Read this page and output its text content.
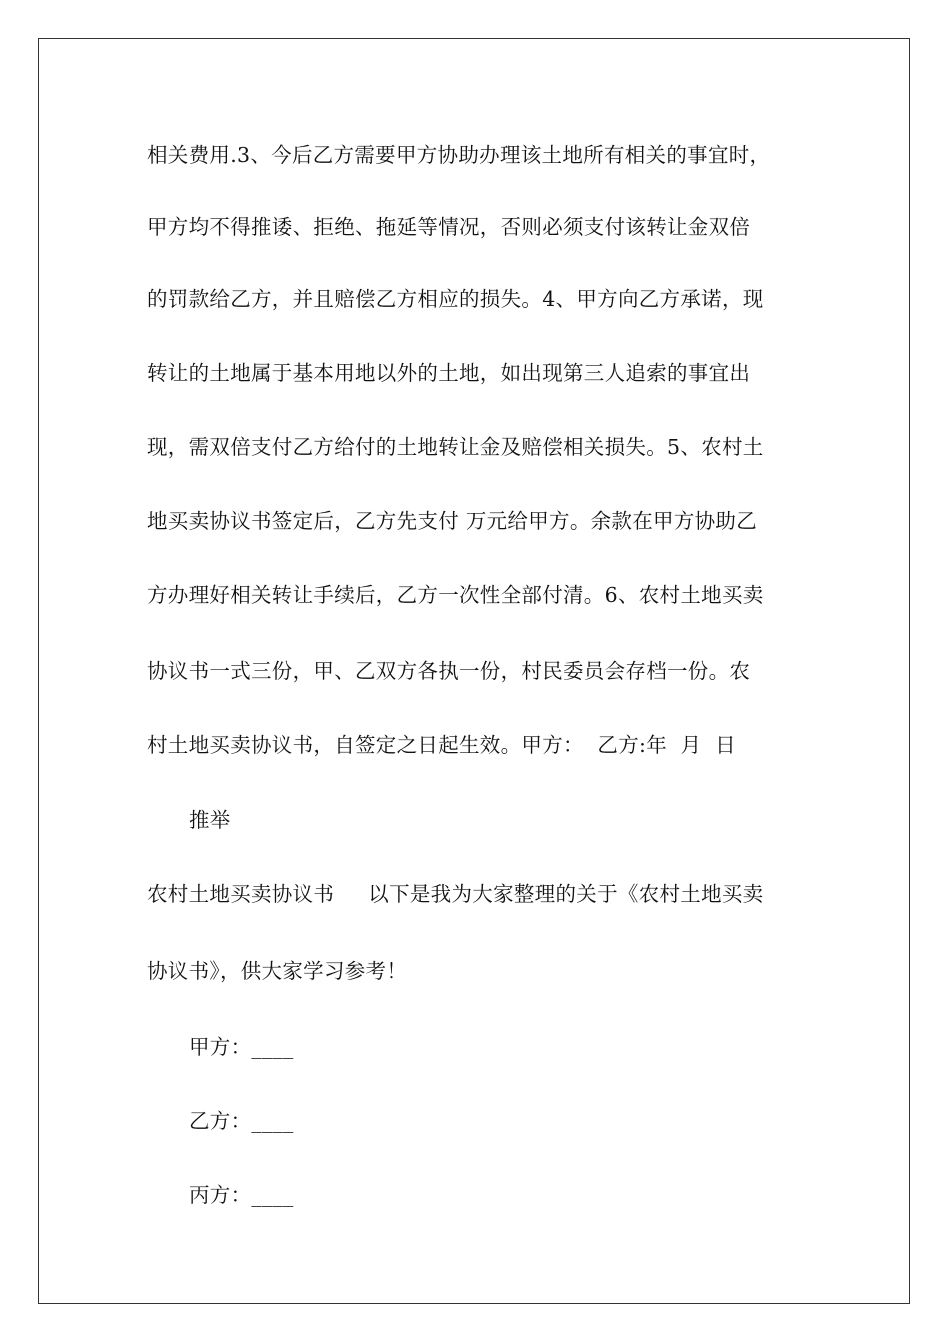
相关费用.3、今后乙方需要甲方协助办理该土地所有相关的事宜时，
甲方均不得推诿、拒绝、拖延等情况，否则必须支付该转让金双倍
的罚款给乙方，并且赔偿乙方相应的损失。4、甲方向乙方承诺，现
转让的土地属于基本用地以外的土地，如出现第三人追索的事宜出
现，需双倍支付乙方给付的土地转让金及赔偿相关损失。5、农村土
地买卖协议书签定后，乙方先支付 万元给甲方。余款在甲方协助乙
方办理好相关转让手续后，乙方一次性全部付清。6、农村土地买卖
协议书一式三份，甲、乙双方各执一份，村民委员会存档一份。农
村土地买卖协议书，自签定之日起生效。甲方：  乙方:年  月  日
推举
农村土地买卖协议书     以下是我为大家整理的关于《农村土地买卖
协议书》，供大家学习参考！
甲方：____
乙方：____
丙方：____
